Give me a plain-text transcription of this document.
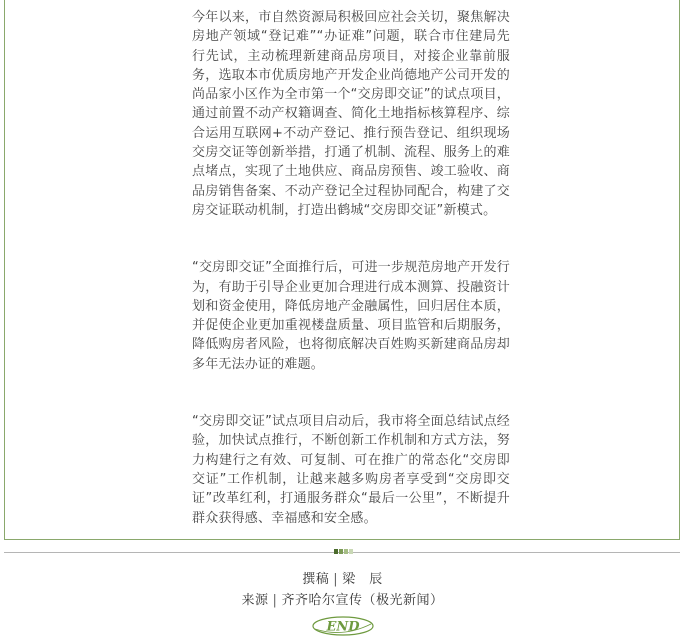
今年以来，市自然资源局积极回应社会关切，聚焦解决房地产领域“登记难”“办证难”问题，联合市住建局先行先试，主动梳理新建商品房项目，对接企业靠前服务，选取本市优质房地产开发企业尚德地产公司开发的尚品家小区作为全市第一个“交房即交证”的试点项目，通过前置不动产权籍调查、简化土地指标核算程序、综合运用互联网+不动产登记、推行预告登记、组织现场交房交证等创新举措，打通了机制、流程、服务上的难点堵点，实现了土地供应、商品房预售、竣工验收、商品房销售备案、不动产登记全过程协同配合，构建了交房交证联动机制，打造出鹤城“交房即交证”新模式。

“交房即交证”全面推行后，可进一步规范房地产开发行为，有助于引导企业更加合理进行成本测算、投融资计划和资金使用，降低房地产金融属性，回归居住本质，并促使企业更加重视楼盘质量、项目监管和后期服务，降低购房者风险，也将彻底解决百姓购买新建商品房却多年无法办证的难题。

“交房即交证”试点项目启动后，我市将全面总结试点经验，加快试点推行，不断创新工作机制和方式方法，努力构建行之有效、可复制、可在推广的常态化“交房即交证”工作机制，让越来越多购房者享受到“交房即交证”改革红利，打通服务群众“最后一公里”，不断提升群众获得感、幸福感和安全感。

撰稿 | 梁　辰
来源 | 齐齐哈尔宣传（极光新闻）
END
